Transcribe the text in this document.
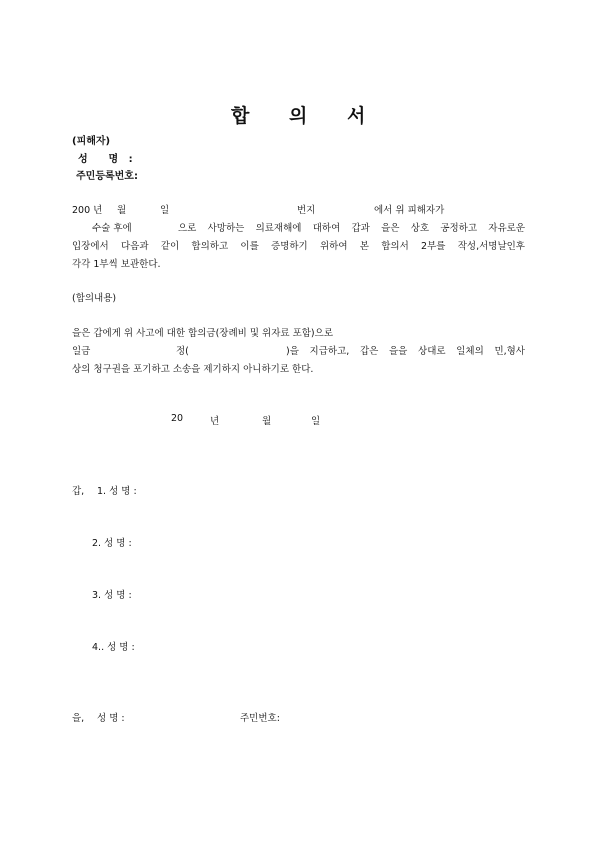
합 의 서
(피해자)
성      명   :
주민등록번호:
200 년 월	일	번지	에서 위 피해자가
수술 후에	으로 사망하는 의료재해에 대하여 갑과 을은 상호 공정하고 자유로운
입장에서 다음과 같이 합의하고 이를 증명하기 위하여 본 합의서 2부를 작성,서명날인후
각각 1부씩 보관한다.
(합의내용)
을은 갑에게 위 사고에 대한 합의금(장례비 및 위자료 포함)으로
일금	정(	)을 지급하고, 갑은 을을 상대로 일체의 민,형사
상의 청구권을 포기하고 소송을 제기하지 아니하기로 한다.
20	년	월	일
갑, 1. 성 명 :
2. 성 명 :
3. 성 명 :
4.. 성 명 :
을, 성 명 :	주민번호:
